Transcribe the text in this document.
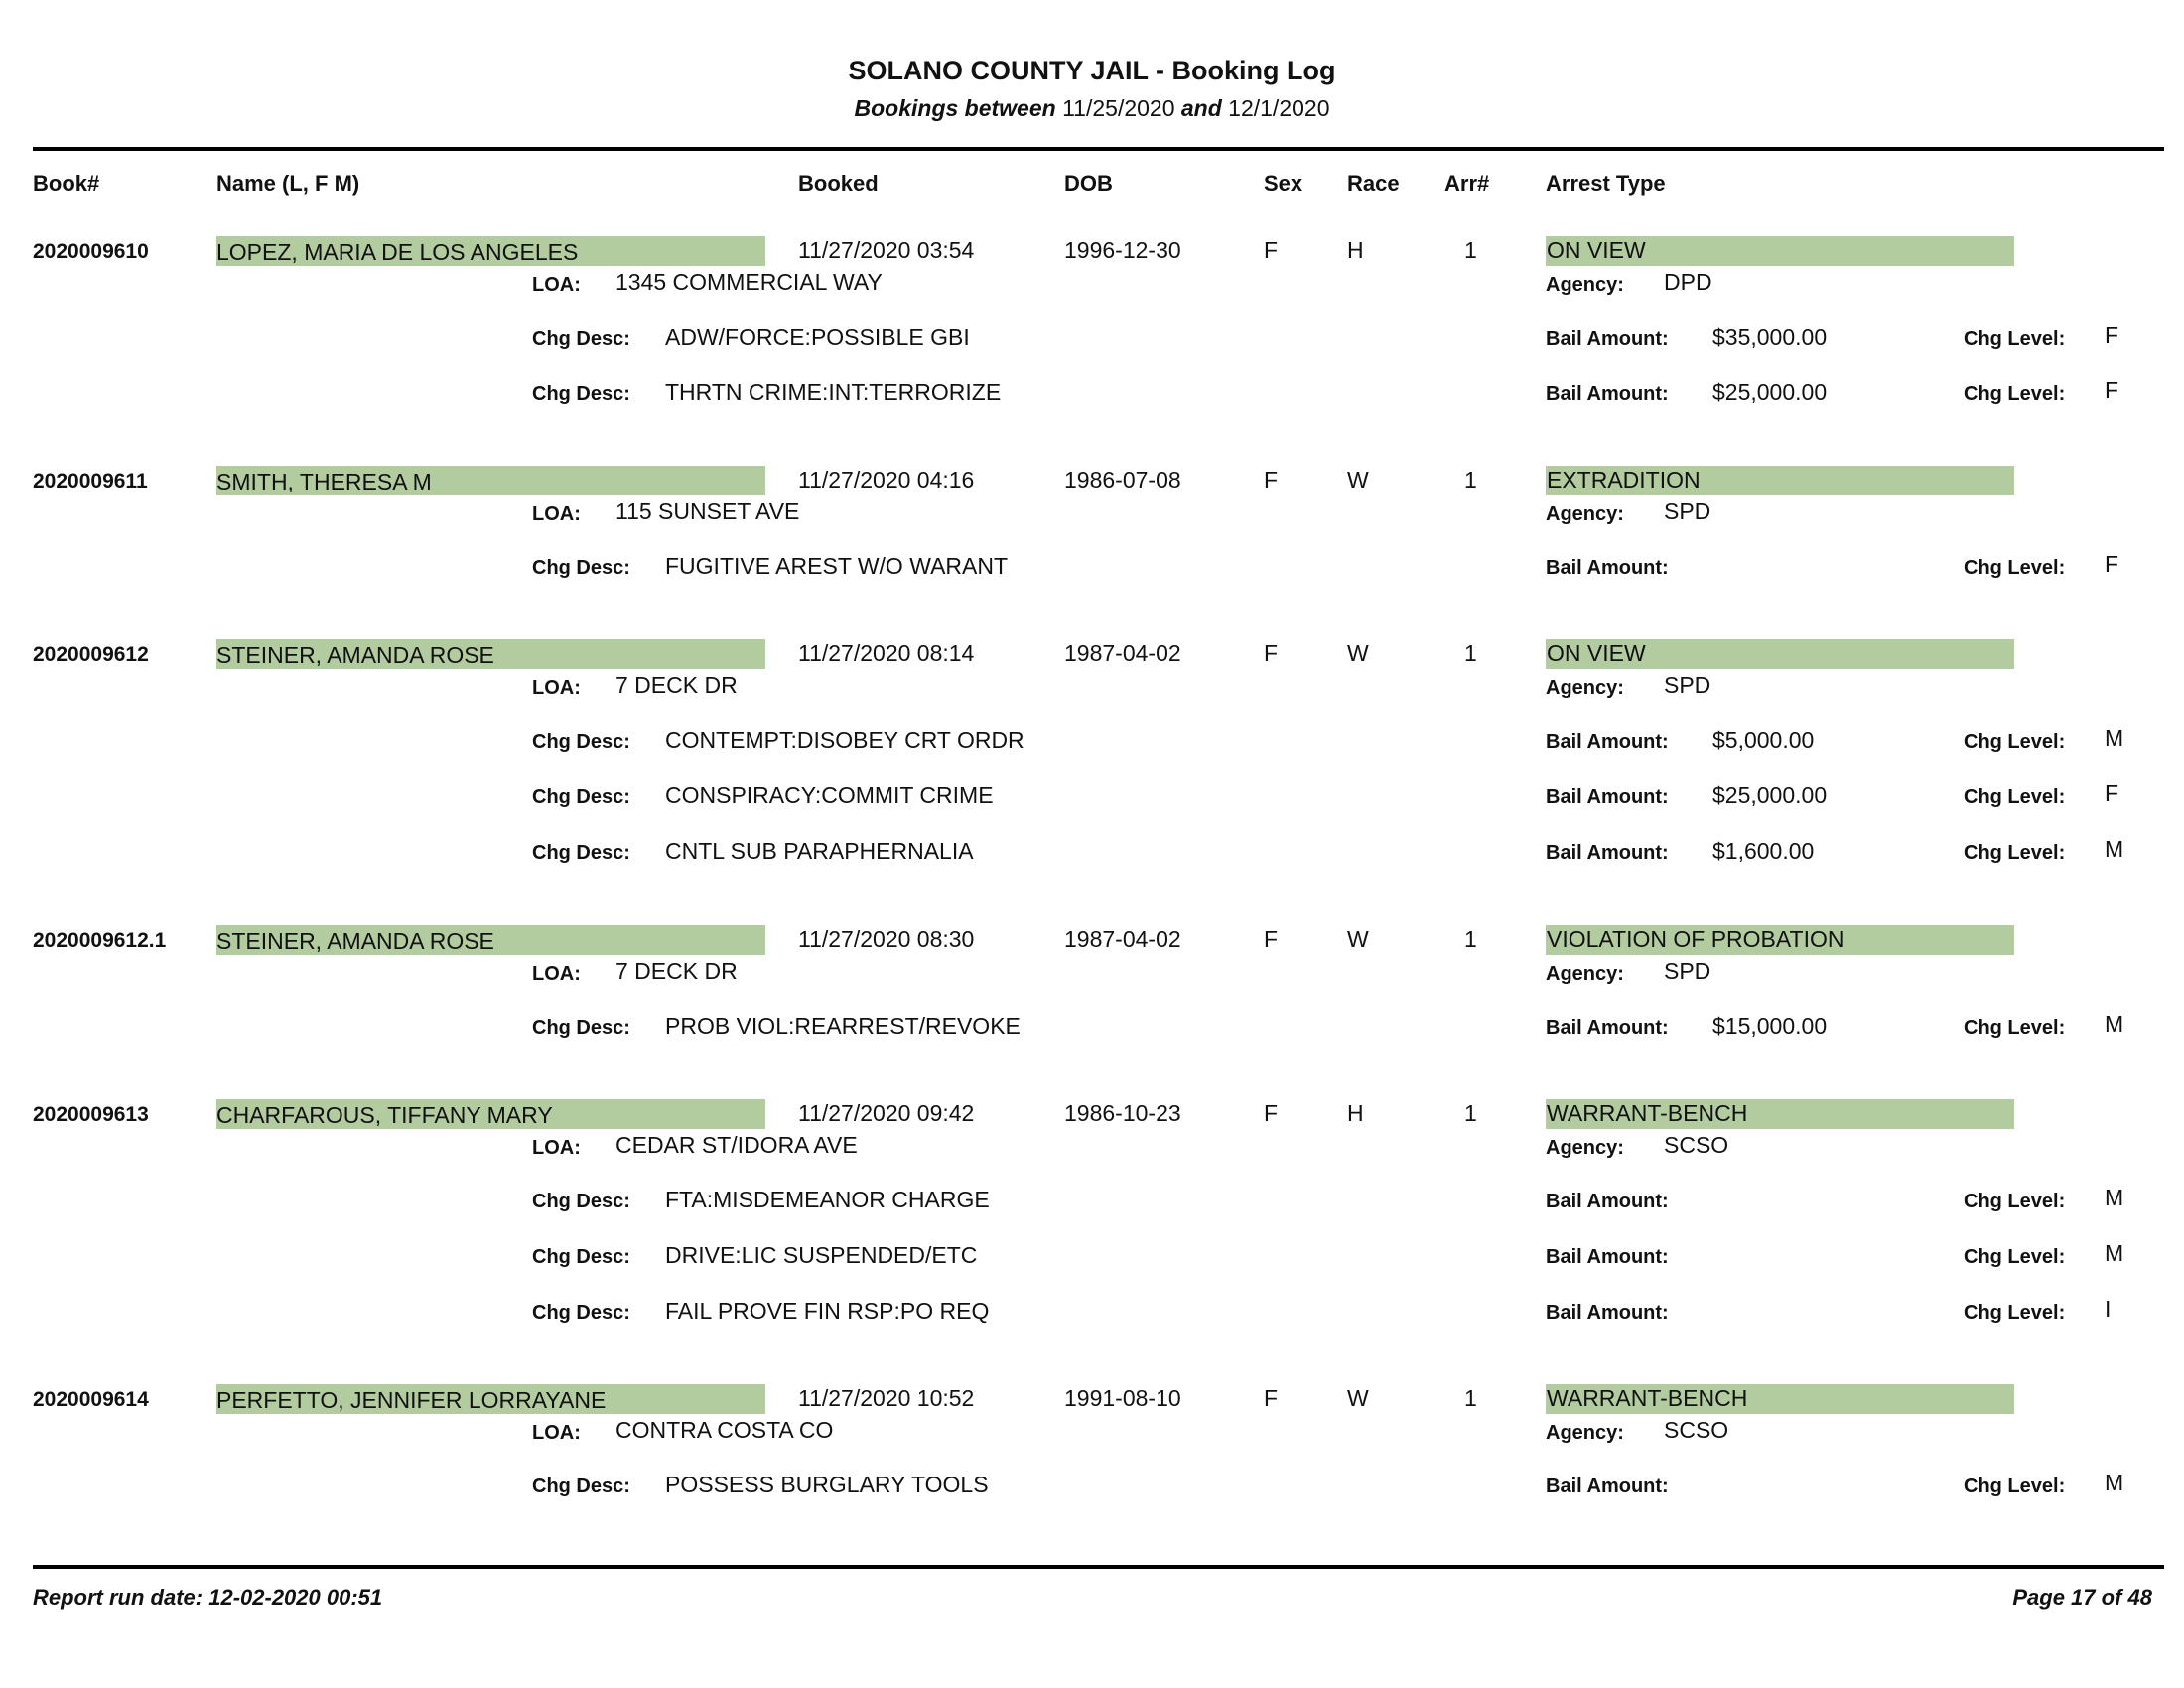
SOLANO COUNTY JAIL - Booking Log
Bookings between 11/25/2020 and 12/1/2020
Book#	Name (L, F M)	Booked	DOB	Sex Race Arr#	Arrest Type
2020009610	LOPEZ, MARIA DE LOS ANGELES	11/27/2020 03:54	1996-12-30	F	H	1	ON VIEW
LOA: 1345 COMMERCIAL WAY	Agency: DPD
Chg Desc: ADW/FORCE:POSSIBLE GBI	Bail Amount: $35,000.00	Chg Level: F
Chg Desc: THRTN CRIME:INT:TERRORIZE	Bail Amount: $25,000.00	Chg Level: F
2020009611	SMITH, THERESA M	11/27/2020 04:16	1986-07-08	F	W	1	EXTRADITION
LOA: 115 SUNSET AVE	Agency: SPD
Chg Desc: FUGITIVE AREST W/O WARANT	Bail Amount:	Chg Level: F
2020009612	STEINER, AMANDA ROSE	11/27/2020 08:14	1987-04-02	F	W	1	ON VIEW
LOA: 7 DECK DR	Agency: SPD
Chg Desc: CONTEMPT:DISOBEY CRT ORDR	Bail Amount: $5,000.00	Chg Level: M
Chg Desc: CONSPIRACY:COMMIT CRIME	Bail Amount: $25,000.00	Chg Level: F
Chg Desc: CNTL SUB PARAPHERNALIA	Bail Amount: $1,600.00	Chg Level: M
2020009612.1 STEINER, AMANDA ROSE	11/27/2020 08:30	1987-04-02	F	W	1	VIOLATION OF PROBATION
LOA: 7 DECK DR	Agency: SPD
Chg Desc: PROB VIOL:REARREST/REVOKE	Bail Amount: $15,000.00	Chg Level: M
2020009613	CHARFAROUS, TIFFANY MARY	11/27/2020 09:42	1986-10-23	F	H	1	WARRANT-BENCH
LOA: CEDAR ST/IDORA AVE	Agency: SCSO
Chg Desc: FTA:MISDEMEANOR CHARGE	Bail Amount:	Chg Level: M
Chg Desc: DRIVE:LIC SUSPENDED/ETC	Bail Amount:	Chg Level: M
Chg Desc: FAIL PROVE FIN RSP:PO REQ	Bail Amount:	Chg Level: I
2020009614	PERFETTO, JENNIFER LORRAYANE	11/27/2020 10:52	1991-08-10	F	W	1	WARRANT-BENCH
LOA: CONTRA COSTA CO	Agency: SCSO
Chg Desc: POSSESS BURGLARY TOOLS	Bail Amount:	Chg Level: M
Report run date: 12-02-2020 00:51	Page 17 of 48
